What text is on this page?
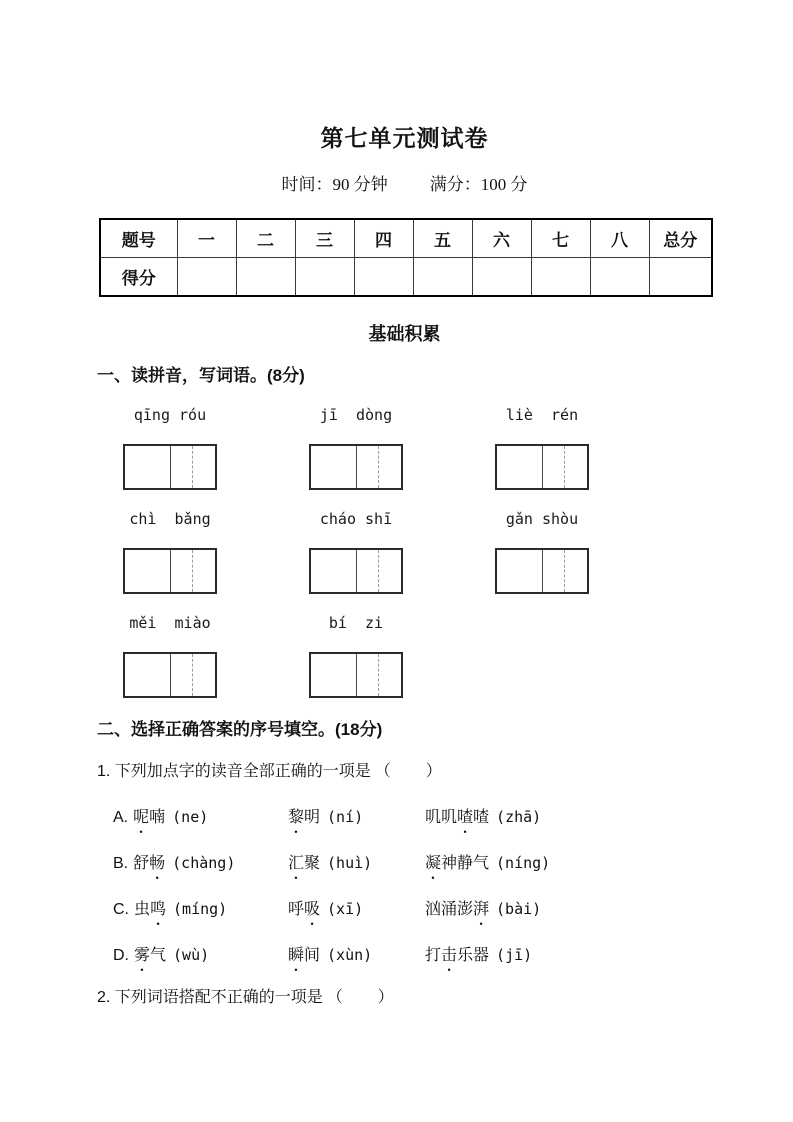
第七单元测试卷
时间：90 分钟 满分：100 分
题号	一	二	三	四	五	六	七	八	总分
得分									
基础积累
一、读拼音，写词语。(8分)
qīng róu	jī  dòng	liè  rén
chì  bǎng	cháo shī	gǎn shòu
měi  miào	bí  zi
二、选择正确答案的序号填空。(18分)
1. 下列加点字的读音全部正确的一项是 （　　）
A. 呢喃 (ne)	黎明 (ní)	叽叽喳喳 (zhā)
B. 舒畅 (chàng)	汇聚 (huì)	凝神静气 (níng)
C. 虫鸣 (míng)	呼吸 (xī)	汹涌澎湃 (bài)
D. 雾气 (wù)	瞬间 (xùn)	打击乐器 (jī)
2. 下列词语搭配不正确的一项是 （　　）
